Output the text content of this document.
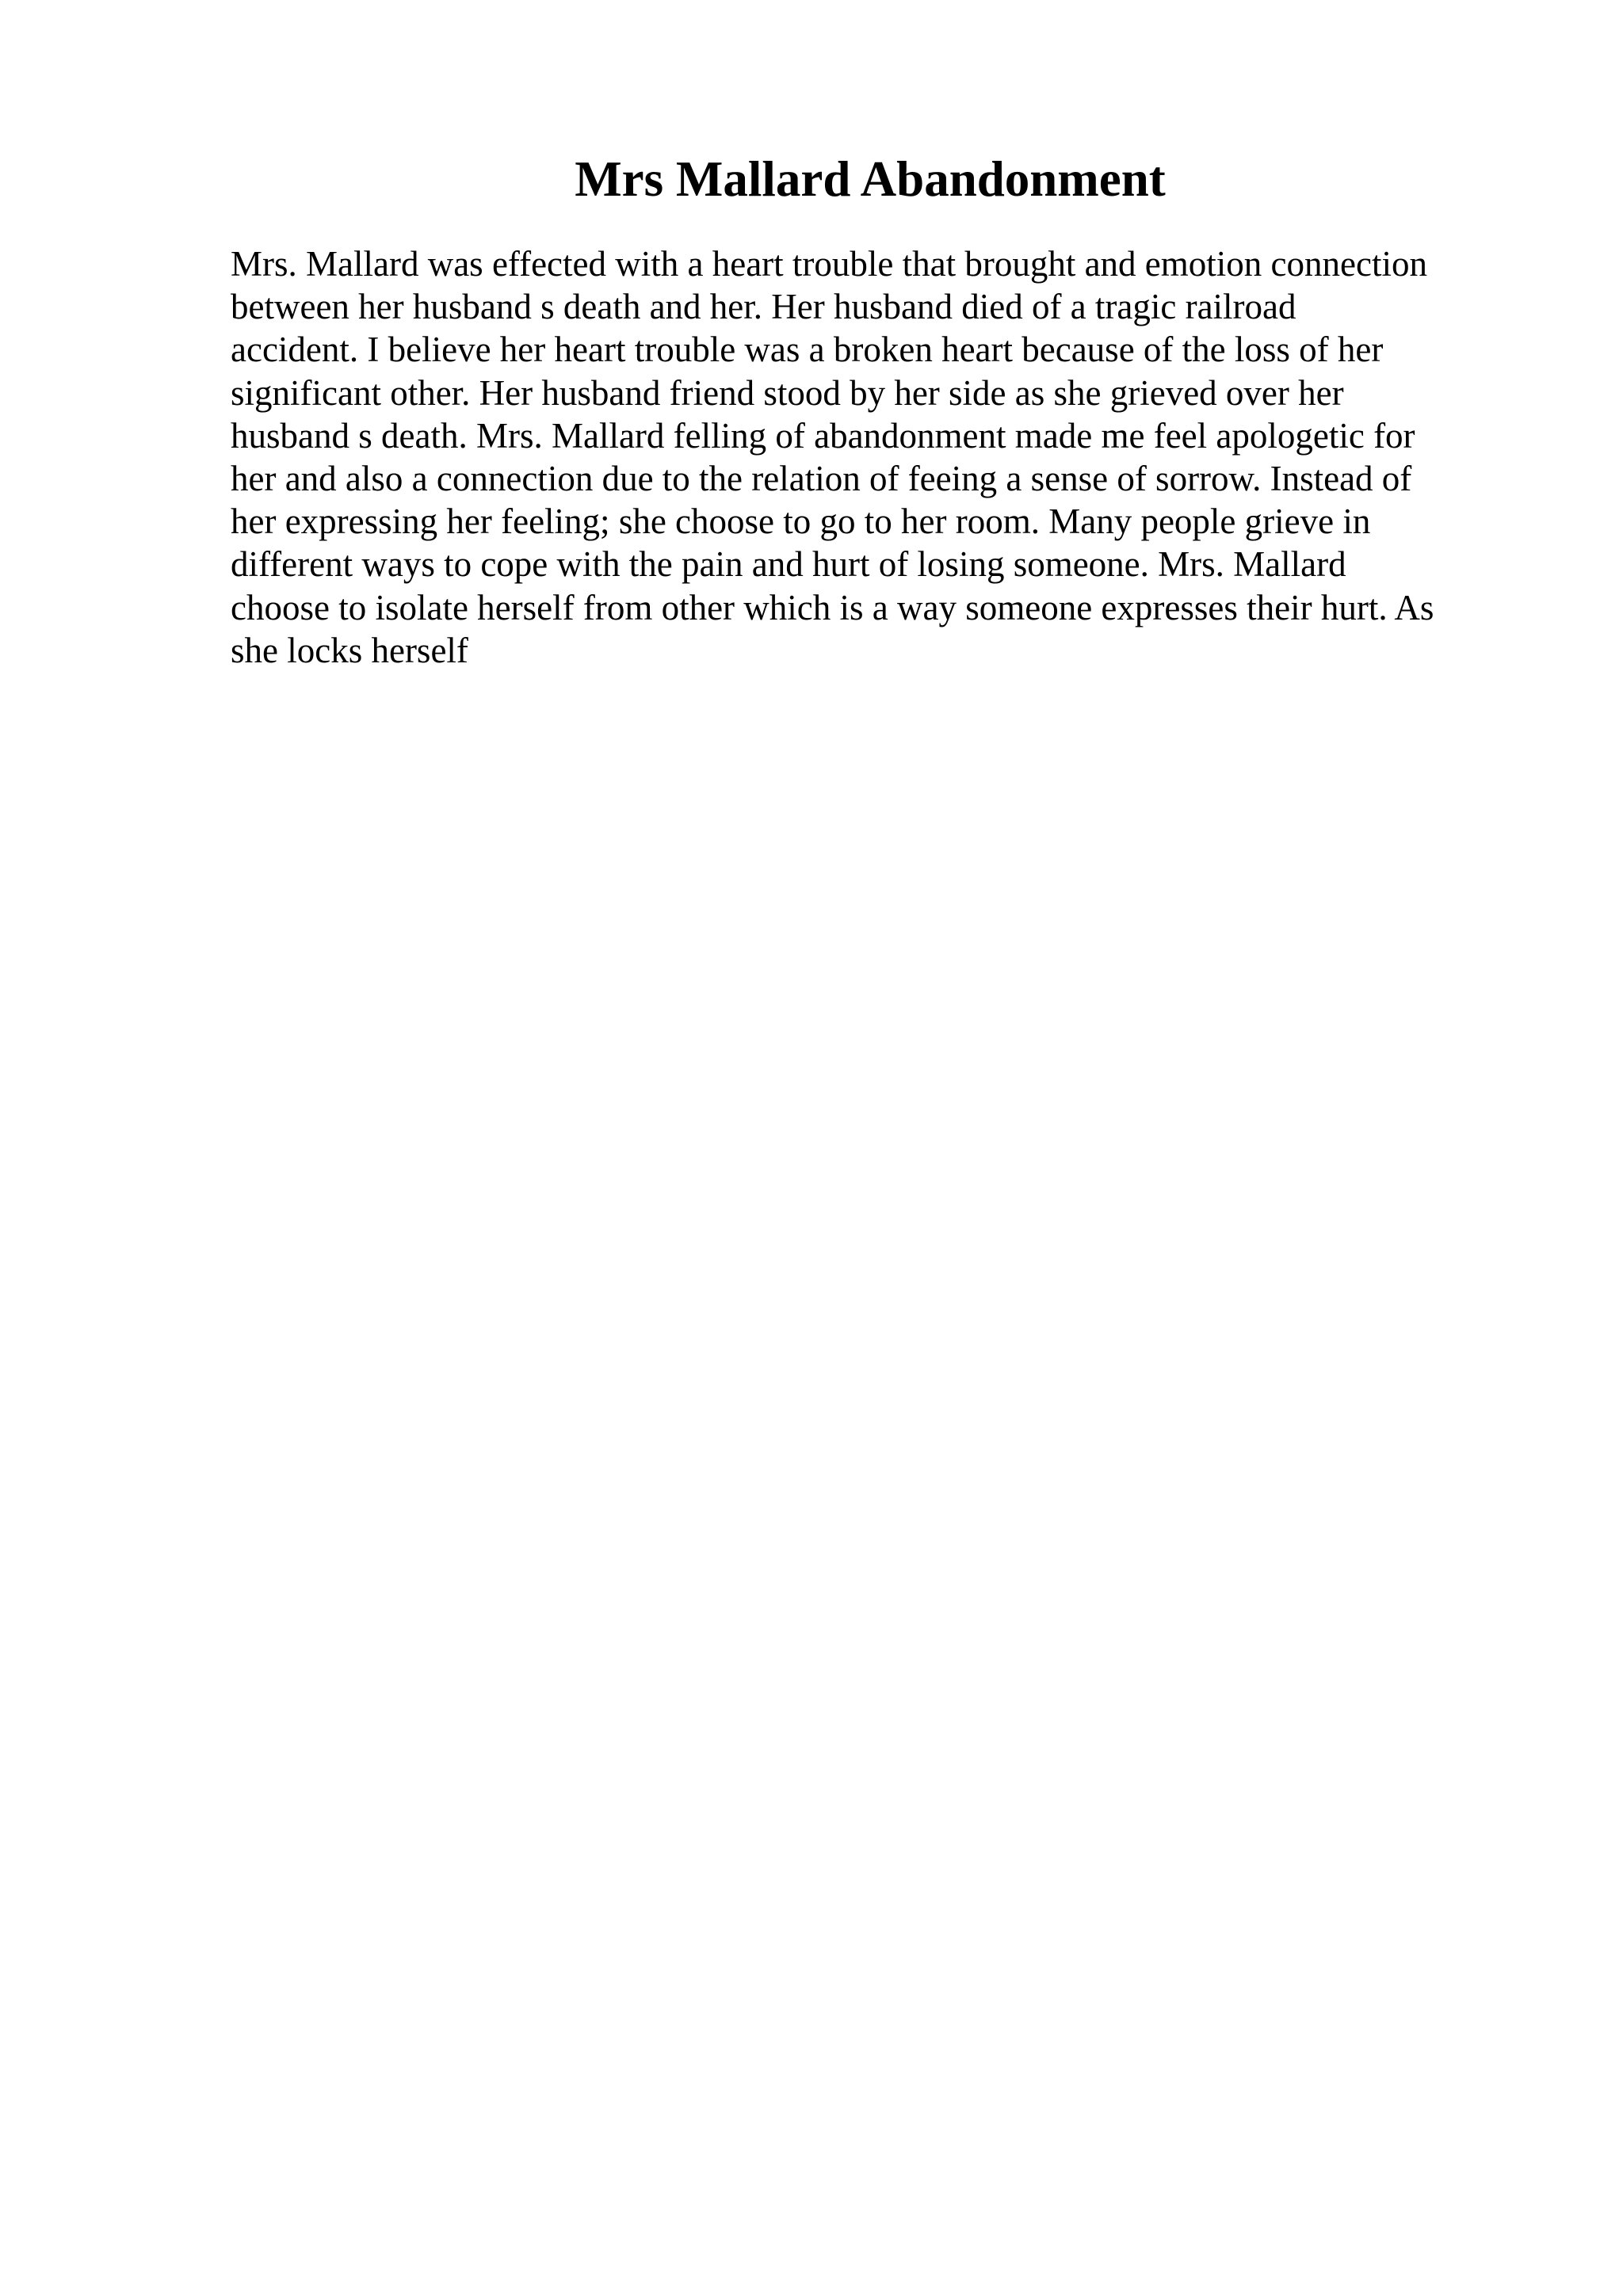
Mrs Mallard Abandonment

Mrs. Mallard was effected with a heart trouble that brought and emotion connection
between her husband s death and her. Her husband died of a tragic railroad
accident. I believe her heart trouble was a broken heart because of the loss of her
significant other. Her husband friend stood by her side as she grieved over her
husband s death. Mrs. Mallard felling of abandonment made me feel apologetic for
her and also a connection due to the relation of feeing a sense of sorrow. Instead of
her expressing her feeling; she choose to go to her room. Many people grieve in
different ways to cope with the pain and hurt of losing someone. Mrs. Mallard
choose to isolate herself from other which is a way someone expresses their hurt. As
she locks herself
